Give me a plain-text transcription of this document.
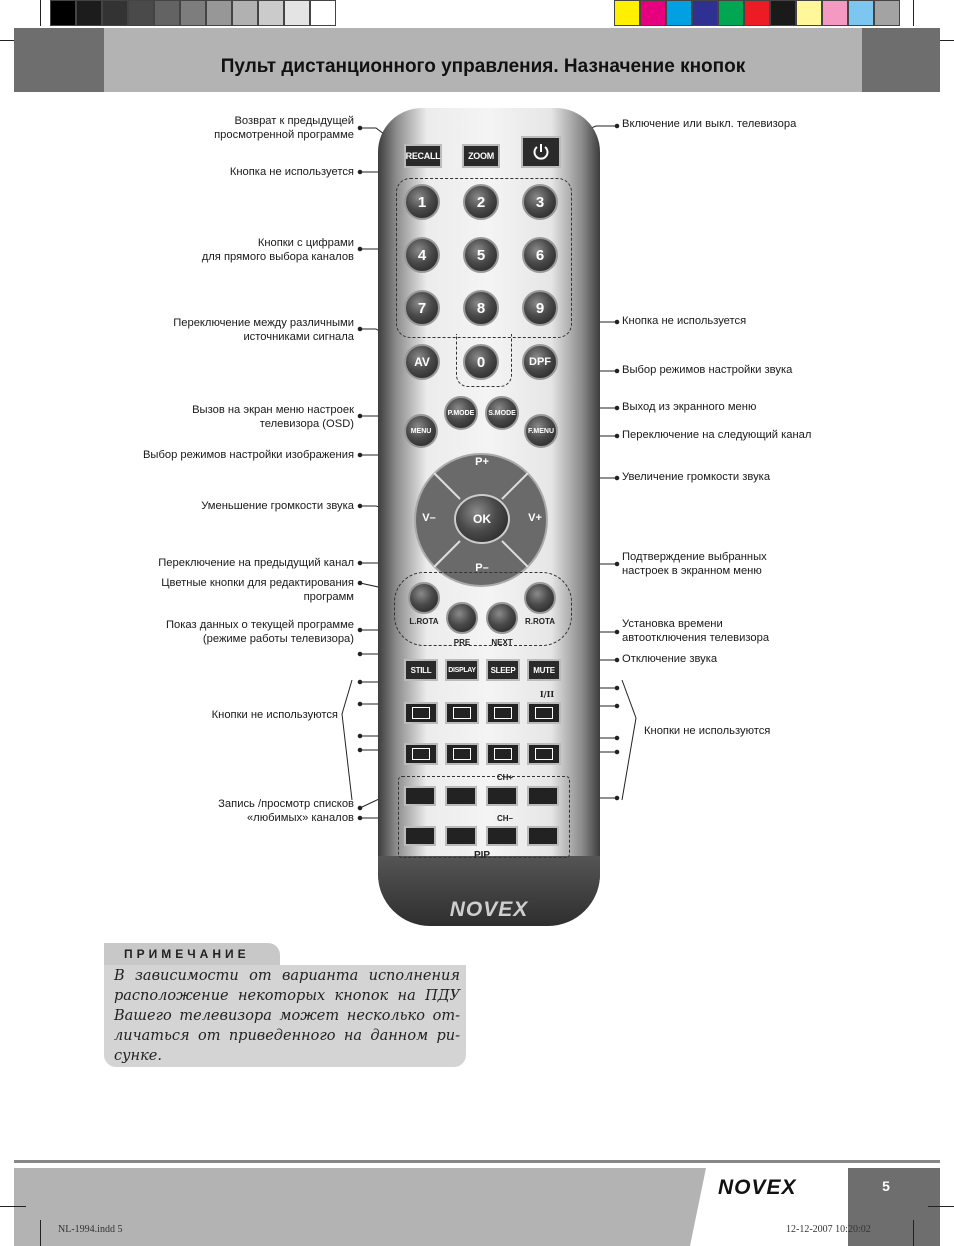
Пульт дистанционного управления. Назначение кнопок
Возврат к предыдущей
просмотренной программе
Кнопка не используется
Кнопки с цифрами
для прямого выбора каналов
Переключение между различными
источниками сигнала
Вызов на экран меню настроек
телевизора (OSD)
Выбор режимов настройки изображения
Уменьшение громкости звука
Переключение на предыдущий канал
Цветные кнопки для редактирования
программ
Показ данных о текущей программе
(режиме работы телевизора)
Кнопки не используются
Запись /просмотр списков
«любимых» каналов
Включение или выкл. телевизора
Кнопка не используется
Выбор режимов настройки звука
Выход из экранного меню
Переключение на следующий канал
Увеличение громкости звука
Подтверждение выбранных
настроек в экранном меню
Установка времени
автоотключения телевизора
Отключение звука
Кнопки не используются
NOVEX
RECALL	ZOOM
1	2	3
4	5	6
7	8	9
AV	0	DPF
MENU
P.MODE	S.MODE
F.MENU
P+
P–
V–	V+
OK
L.ROTA
PRE	NEXT
R.ROTA
STILL	DISPLAY	SLEEP	MUTE
I/II
CH+
CH–
PIP
ПРИМЕЧАНИЕ
В зависимости от варианта исполнения расположение некоторых кнопок на ПДУ Вашего телевизора может несколько от- личаться от приведенного на данном ри- сунке.
NOVEX	5
NL-1994.indd 5	12-12-2007 10:20:02
